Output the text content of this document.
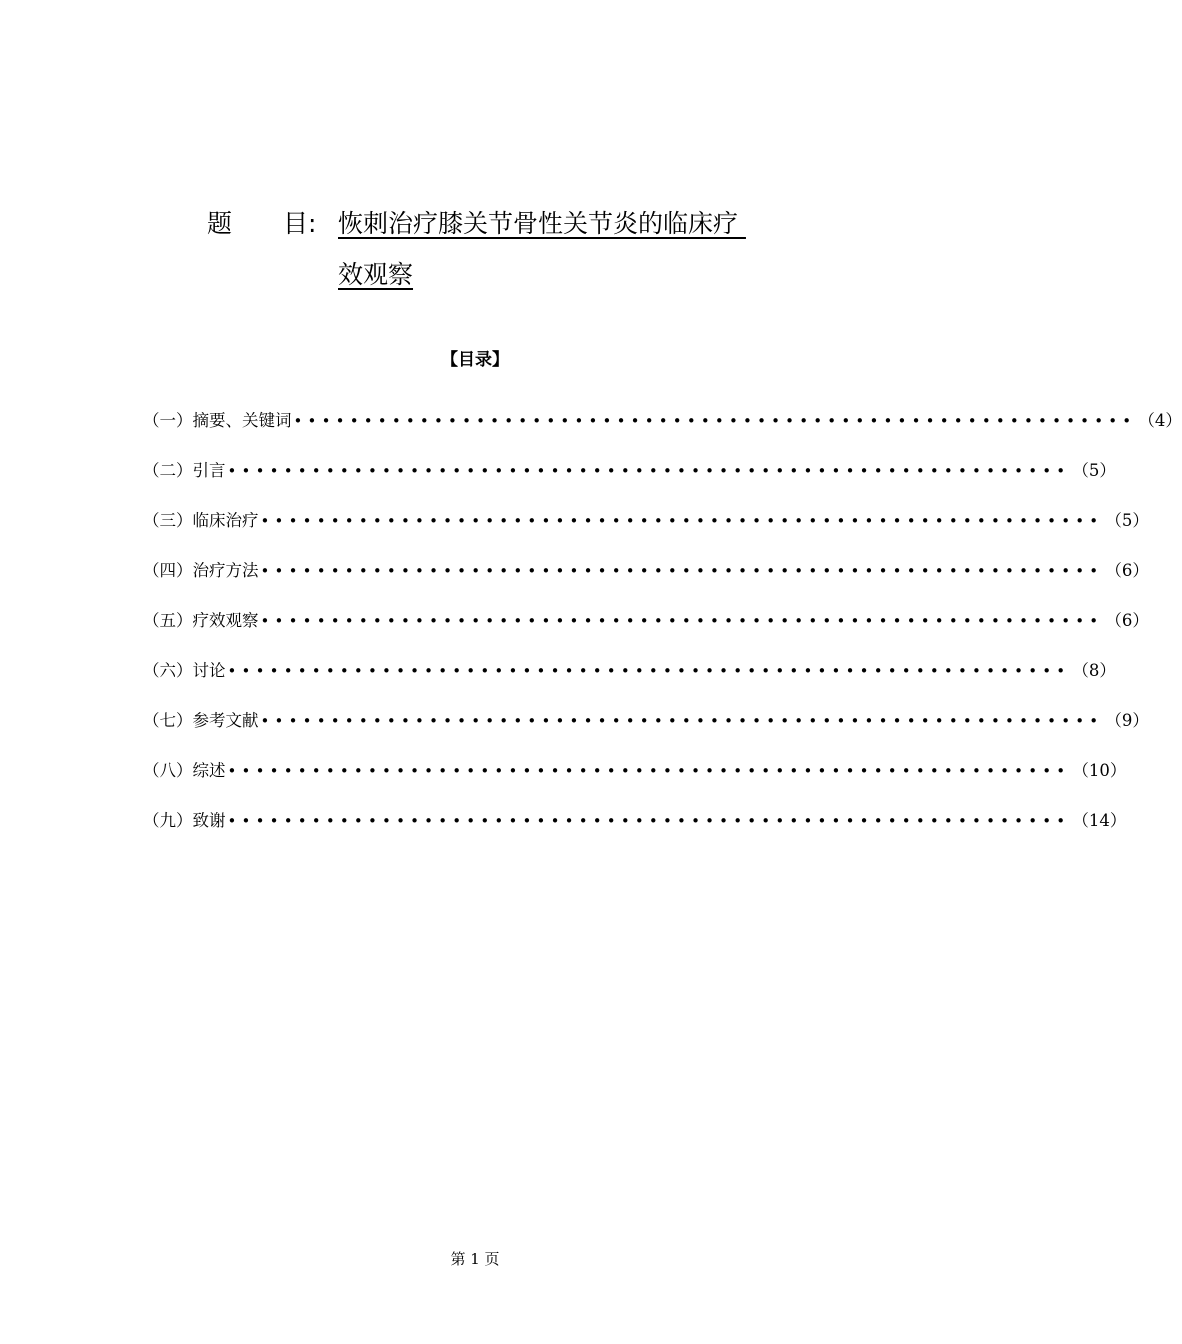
题 目: 恢刺治疗膝关节骨性关节炎的临床疗
效观察
【目录】
（一）摘要、关键词 •••••••••••••••••••••••••••••••••••••••••••••••••••••••••••• （4）
（二）引言 •••••••••••••••••••••••••••••••••••••••••••••••••••••••••••• （5）
（三）临床治疗 •••••••••••••••••••••••••••••••••••••••••••••••••••••••••••• （5）
（四）治疗方法 •••••••••••••••••••••••••••••••••••••••••••••••••••••••••••• （6）
（五）疗效观察 •••••••••••••••••••••••••••••••••••••••••••••••••••••••••••• （6）
（六）讨论 •••••••••••••••••••••••••••••••••••••••••••••••••••••••••••• （8）
（七）参考文献 •••••••••••••••••••••••••••••••••••••••••••••••••••••••••••• （9）
（八）综述 •••••••••••••••••••••••••••••••••••••••••••••••••••••••••••• （10）
（九）致谢 •••••••••••••••••••••••••••••••••••••••••••••••••••••••••••• （14）
第 1 页
